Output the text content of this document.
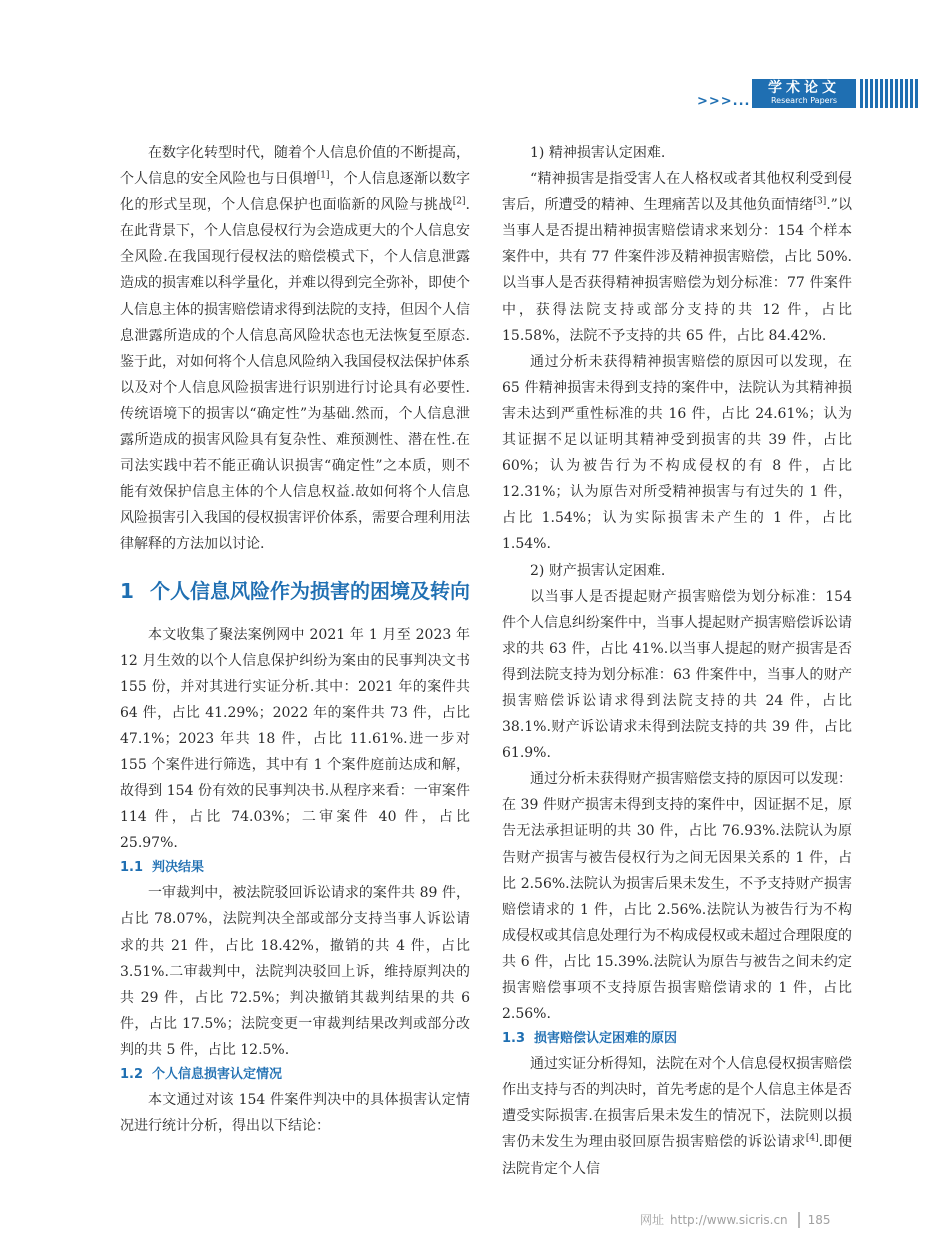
>>>...
学术论文
Research Papers

在数字化转型时代，随着个人信息价值的不断提高，个人信息的安全风险也与日俱增[1]，个人信息逐渐以数字化的形式呈现，个人信息保护也面临新的风险与挑战[2].在此背景下，个人信息侵权行为会造成更大的个人信息安全风险.在我国现行侵权法的赔偿模式下，个人信息泄露造成的损害难以科学量化，并难以得到完全弥补，即使个人信息主体的损害赔偿请求得到法院的支持，但因个人信息泄露所造成的个人信息高风险状态也无法恢复至原态.鉴于此，对如何将个人信息风险纳入我国侵权法保护体系以及对个人信息风险损害进行识别进行讨论具有必要性.传统语境下的损害以“确定性”为基础.然而，个人信息泄露所造成的损害风险具有复杂性、难预测性、潜在性.在司法实践中若不能正确认识损害“确定性”之本质，则不能有效保护信息主体的个人信息权益.故如何将个人信息风险损害引入我国的侵权损害评价体系，需要合理利用法律解释的方法加以讨论.

1 个人信息风险作为损害的困境及转向

本文收集了聚法案例网中 2021 年 1 月至 2023 年 12 月生效的以个人信息保护纠纷为案由的民事判决文书 155 份，并对其进行实证分析.其中：2021 年的案件共 64 件，占比 41.29%；2022 年的案件共 73 件，占比 47.1%；2023 年共 18 件，占比 11.61%.进一步对 155 个案件进行筛选，其中有 1 个案件庭前达成和解，故得到 154 份有效的民事判决书.从程序来看：一审案件 114 件，占比 74.03%；二审案件 40 件，占比 25.97%.

1.1 判决结果

一审裁判中，被法院驳回诉讼请求的案件共 89 件，占比 78.07%，法院判决全部或部分支持当事人诉讼请求的共 21 件，占比 18.42%，撤销的共 4 件，占比 3.51%.二审裁判中，法院判决驳回上诉，维持原判决的共 29 件，占比 72.5%；判决撤销其裁判结果的共 6 件，占比 17.5%；法院变更一审裁判结果改判或部分改判的共 5 件，占比 12.5%.

1.2 个人信息损害认定情况

本文通过对该 154 件案件判决中的具体损害认定情况进行统计分析，得出以下结论：

1) 精神损害认定困难.

“精神损害是指受害人在人格权或者其他权利受到侵害后，所遭受的精神、生理痛苦以及其他负面情绪[3].”以当事人是否提出精神损害赔偿请求来划分：154 个样本案件中，共有 77 件案件涉及精神损害赔偿，占比 50%.以当事人是否获得精神损害赔偿为划分标准：77 件案件中，获得法院支持或部分支持的共 12 件，占比 15.58%，法院不予支持的共 65 件，占比 84.42%.

通过分析未获得精神损害赔偿的原因可以发现，在 65 件精神损害未得到支持的案件中，法院认为其精神损害未达到严重性标准的共 16 件，占比 24.61%；认为其证据不足以证明其精神受到损害的共 39 件，占比 60%；认为被告行为不构成侵权的有 8 件，占比 12.31%；认为原告对所受精神损害与有过失的 1 件，占比 1.54%；认为实际损害未产生的 1 件，占比 1.54%.

2) 财产损害认定困难.

以当事人是否提起财产损害赔偿为划分标准：154 件个人信息纠纷案件中，当事人提起财产损害赔偿诉讼请求的共 63 件，占比 41%.以当事人提起的财产损害是否得到法院支持为划分标准：63 件案件中，当事人的财产损害赔偿诉讼请求得到法院支持的共 24 件，占比 38.1%.财产诉讼请求未得到法院支持的共 39 件，占比 61.9%.

通过分析未获得财产损害赔偿支持的原因可以发现：在 39 件财产损害未得到支持的案件中，因证据不足，原告无法承担证明的共 30 件，占比 76.93%.法院认为原告财产损害与被告侵权行为之间无因果关系的 1 件，占比 2.56%.法院认为损害后果未发生，不予支持财产损害赔偿请求的 1 件，占比 2.56%.法院认为被告行为不构成侵权或其信息处理行为不构成侵权或未超过合理限度的共 6 件，占比 15.39%.法院认为原告与被告之间未约定损害赔偿事项不支持原告损害赔偿请求的 1 件，占比 2.56%.

1.3 损害赔偿认定困难的原因

通过实证分析得知，法院在对个人信息侵权损害赔偿作出支持与否的判决时，首先考虑的是个人信息主体是否遭受实际损害.在损害后果未发生的情况下，法院则以损害仍未发生为理由驳回原告损害赔偿的诉讼请求[4].即便法院肯定个人信

网址 http://www.sicris.cn 185
